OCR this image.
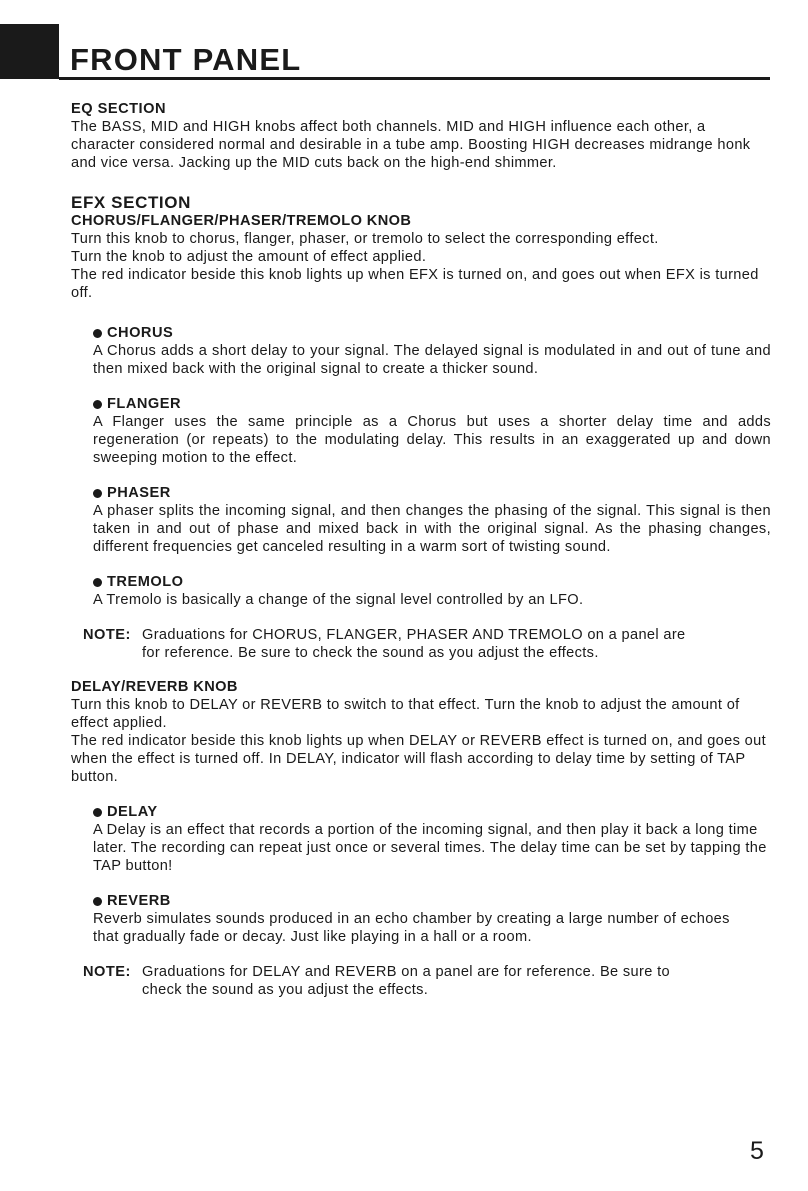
FRONT PANEL
EQ SECTION

The BASS, MID and HIGH knobs affect both channels. MID and HIGH influence each other, a character considered normal and desirable in a tube amp. Boosting HIGH decreases midrange honk and vice versa. Jacking up the MID cuts back on the high-end shimmer.

EFX SECTION
CHORUS/FLANGER/PHASER/TREMOLO KNOB

Turn this knob to chorus, flanger, phaser, or tremolo to select the corresponding effect.

Turn the knob to adjust the amount of effect applied.

The red indicator beside this knob lights up when EFX is turned on, and goes out when EFX is turned off.

CHORUS

A Chorus adds a short delay to your signal. The delayed signal is modulated in and out of tune and then mixed back with the original signal to create a thicker sound.

FLANGER

A Flanger uses the same principle as a Chorus but uses a shorter delay time and adds regeneration (or repeats) to the modulating delay. This results in an exaggerated up and down sweeping motion to the effect.

PHASER

A phaser splits the incoming signal, and then changes the phasing of the signal. This signal is then taken in and out of phase and mixed back in with the original signal. As the phasing changes, different frequencies get canceled resulting in a warm sort of twisting sound.

TREMOLO

A Tremolo is basically a change of the signal level controlled by an LFO.

NOTE: Graduations for CHORUS, FLANGER, PHASER AND TREMOLO on a panel are
for reference. Be sure to check the sound as you adjust the effects.
DELAY/REVERB KNOB

Turn this knob to DELAY or REVERB to switch to that effect. Turn the knob to adjust the amount of effect applied.

The red indicator beside this knob lights up when DELAY or REVERB effect is turned on, and goes out when the effect is turned off. In DELAY, indicator will flash according to delay time by setting of TAP button.

DELAY

A Delay is an effect that records a portion of the incoming signal, and then play it back a long time later. The recording can repeat just once or several times. The delay time can be set by tapping the TAP button!

REVERB

Reverb simulates sounds produced in an echo chamber by creating a large number of echoes that gradually fade or decay. Just like playing in a hall or a room.

NOTE: Graduations for DELAY and REVERB on a panel are for reference. Be sure to
check the sound as you adjust the effects.
5
